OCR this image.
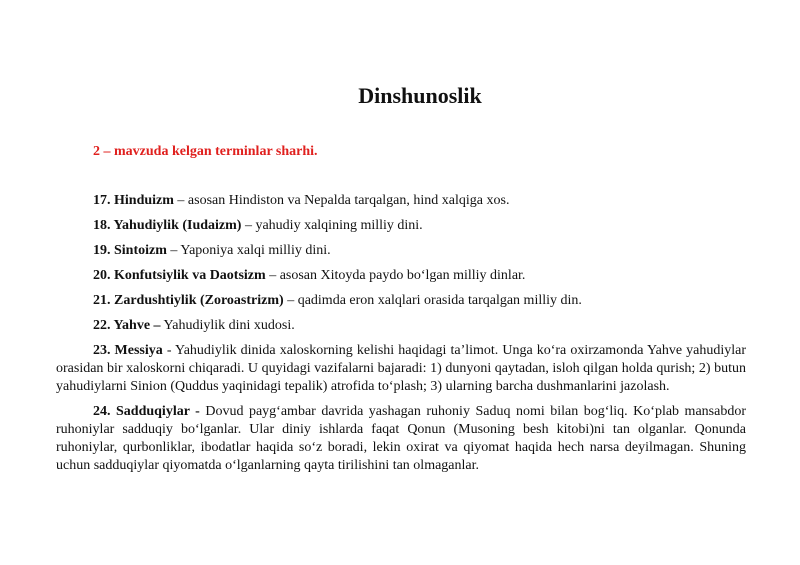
Dinshunoslik
2 – mavzuda kelgan terminlar sharhi.

17. Hinduizm – asosan Hindiston va Nepalda tarqalgan, hind xalqiga xos.

18. Yahudiylik (Iudaizm) – yahudiy xalqining milliy dini.

19. Sintoizm – Yaponiya xalqi milliy dini.

20. Konfutsiylik va Daotsizm – asosan Xitoyda paydo bo‘lgan milliy dinlar.

21. Zardushtiylik (Zoroastrizm) – qadimda eron xalqlari orasida tarqalgan milliy din.

22. Yahve – Yahudiylik dini xudosi.

23. Messiya - Yahudiylik dinida xaloskorning kelishi haqidagi ta’limot. Unga ko‘ra oxirzamonda Yahve yahudiylar orasidan bir xaloskorni chiqaradi. U quyidagi vazifalarni bajaradi: 1) dunyoni qaytadan, isloh qilgan holda qurish; 2) butun yahudiylarni Sinion (Quddus yaqinidagi tepalik) atrofida to‘plash; 3) ularning barcha dushmanlarini jazolash.

24. Sadduqiylar - Dovud payg‘ambar davrida yashagan ruhoniy Saduq nomi bilan bog‘liq. Ko‘plab mansabdor ruhoniylar sadduqiy bo‘lganlar. Ular diniy ishlarda faqat Qonun (Musoning besh kitobi)ni tan olganlar. Qonunda ruhoniylar, qurbonliklar, ibodatlar haqida so‘z boradi, lekin oxirat va qiyomat haqida hech narsa deyilmagan. Shuning uchun sadduqiylar qiyomatda o‘lganlarning qayta tirilishini tan olmaganlar.
